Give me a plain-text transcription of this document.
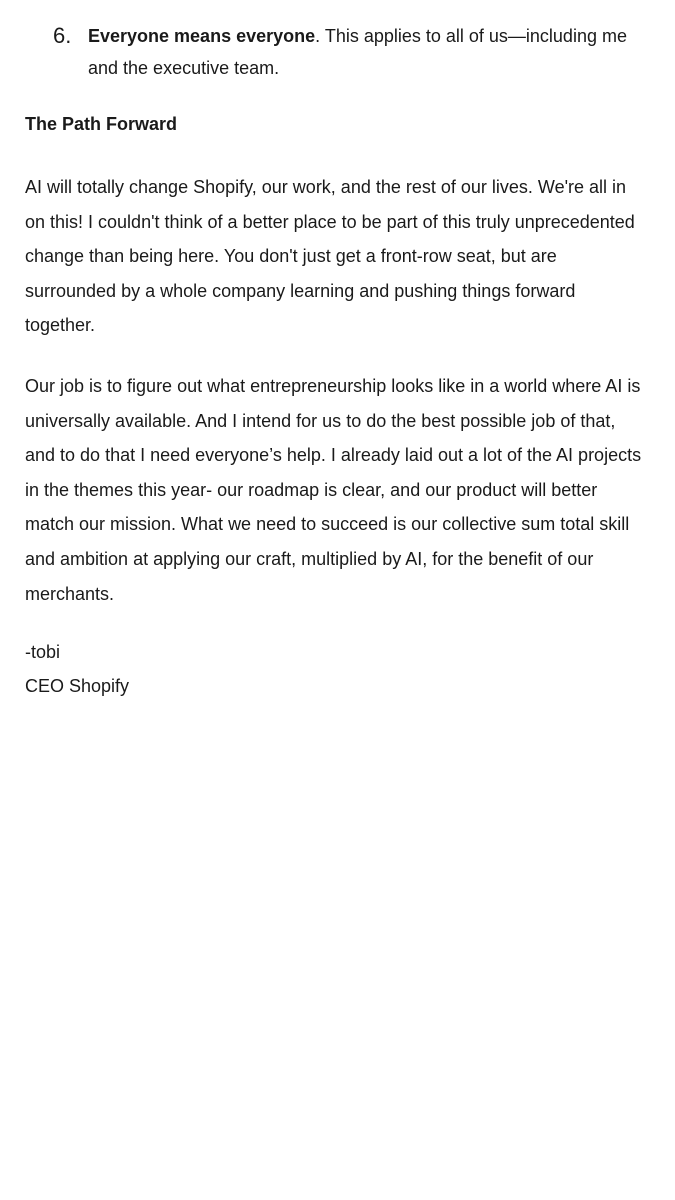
6. Everyone means everyone. This applies to all of us—including me and the executive team.
The Path Forward

AI will totally change Shopify, our work, and the rest of our lives. We're all in on this! I couldn't think of a better place to be part of this truly unprecedented change than being here. You don't just get a front-row seat, but are surrounded by a whole company learning and pushing things forward together.

Our job is to figure out what entrepreneurship looks like in a world where AI is universally available. And I intend for us to do the best possible job of that, and to do that I need everyone’s help. I already laid out a lot of the AI projects in the themes this year- our roadmap is clear, and our product will better match our mission. What we need to succeed is our collective sum total skill and ambition at applying our craft, multiplied by AI, for the benefit of our merchants.

-tobi

CEO Shopify
